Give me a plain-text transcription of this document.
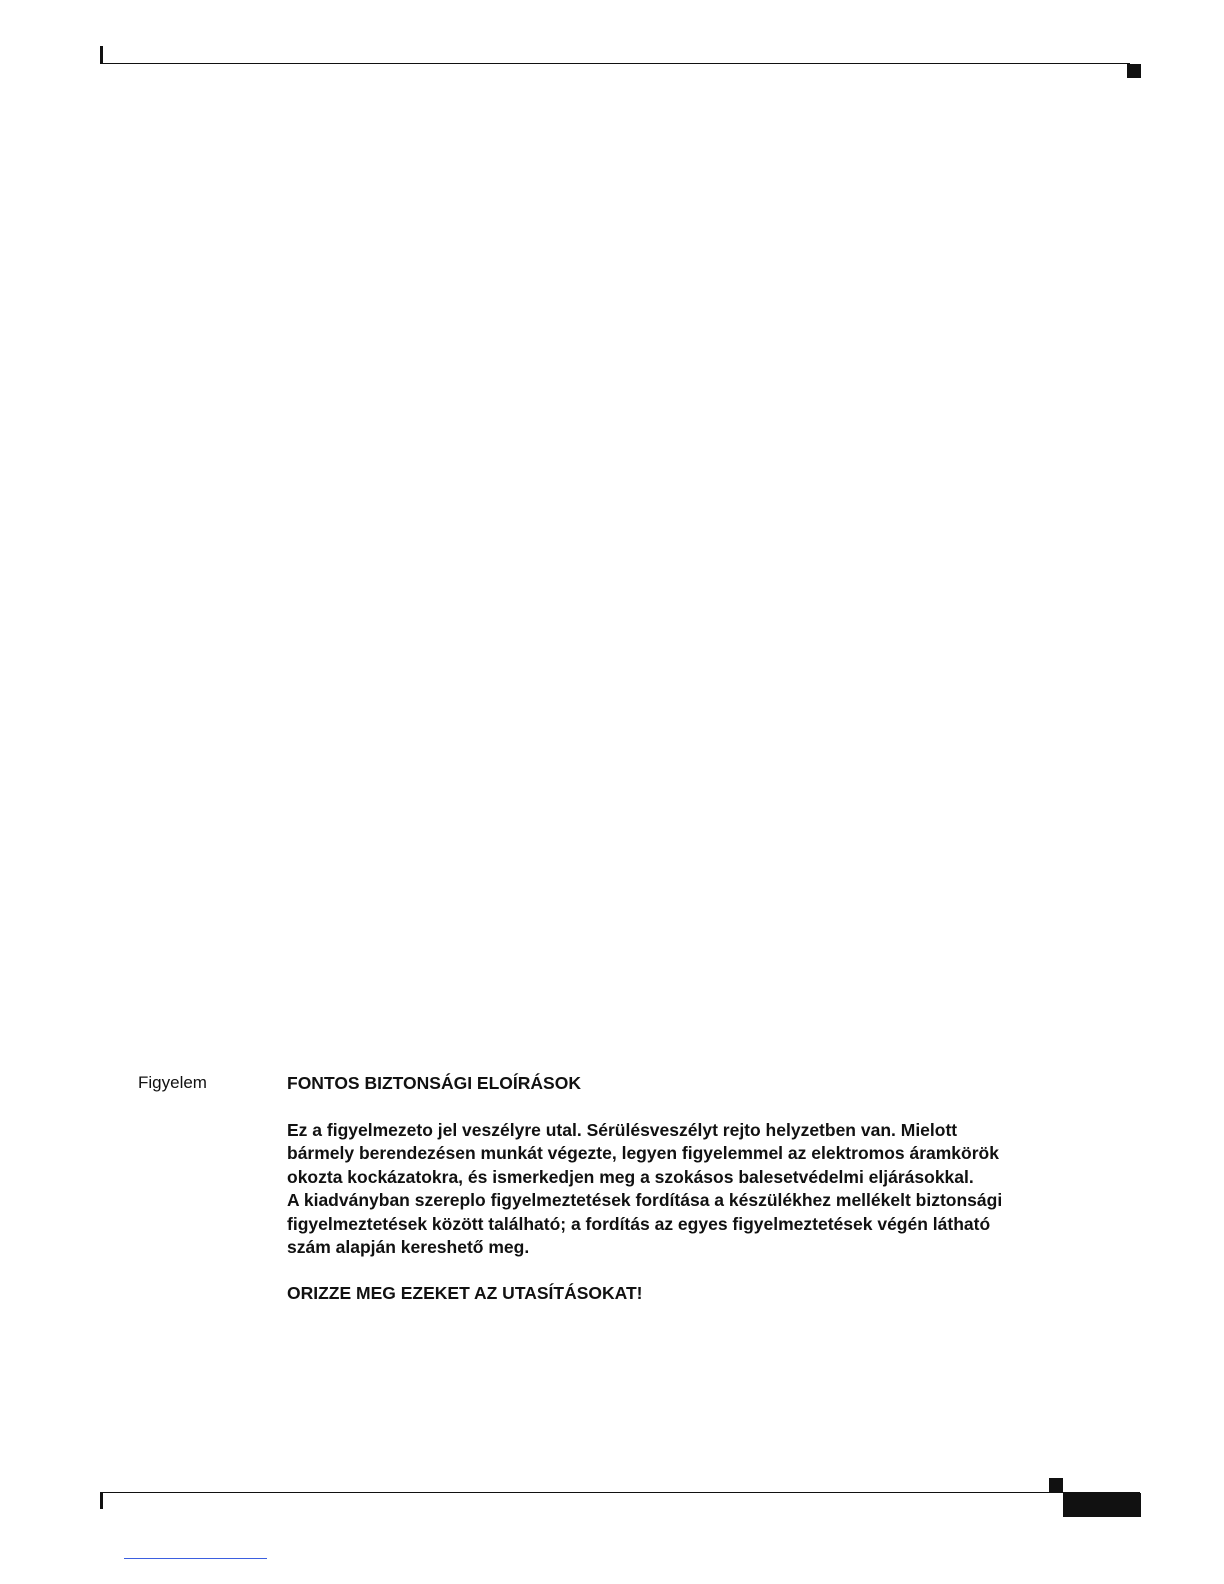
Figyelem	FONTOS BIZTONSÁGI ELOÍRÁSOK

Ez a figyelmezeto jel veszélyre utal. Sérülésveszélyt rejto helyzetben van. Mielott
bármely berendezésen munkát végezte, legyen figyelemmel az elektromos áramkörök
okozta kockázatokra, és ismerkedjen meg a szokásos balesetvédelmi eljárásokkal.
A kiadványban szereplo figyelmeztetések fordítása a készülékhez mellékelt biztonsági
figyelmeztetések között található; a fordítás az egyes figyelmeztetések végén látható
szám alapján kereshető meg.

ORIZZE MEG EZEKET AZ UTASÍTÁSOKAT!
